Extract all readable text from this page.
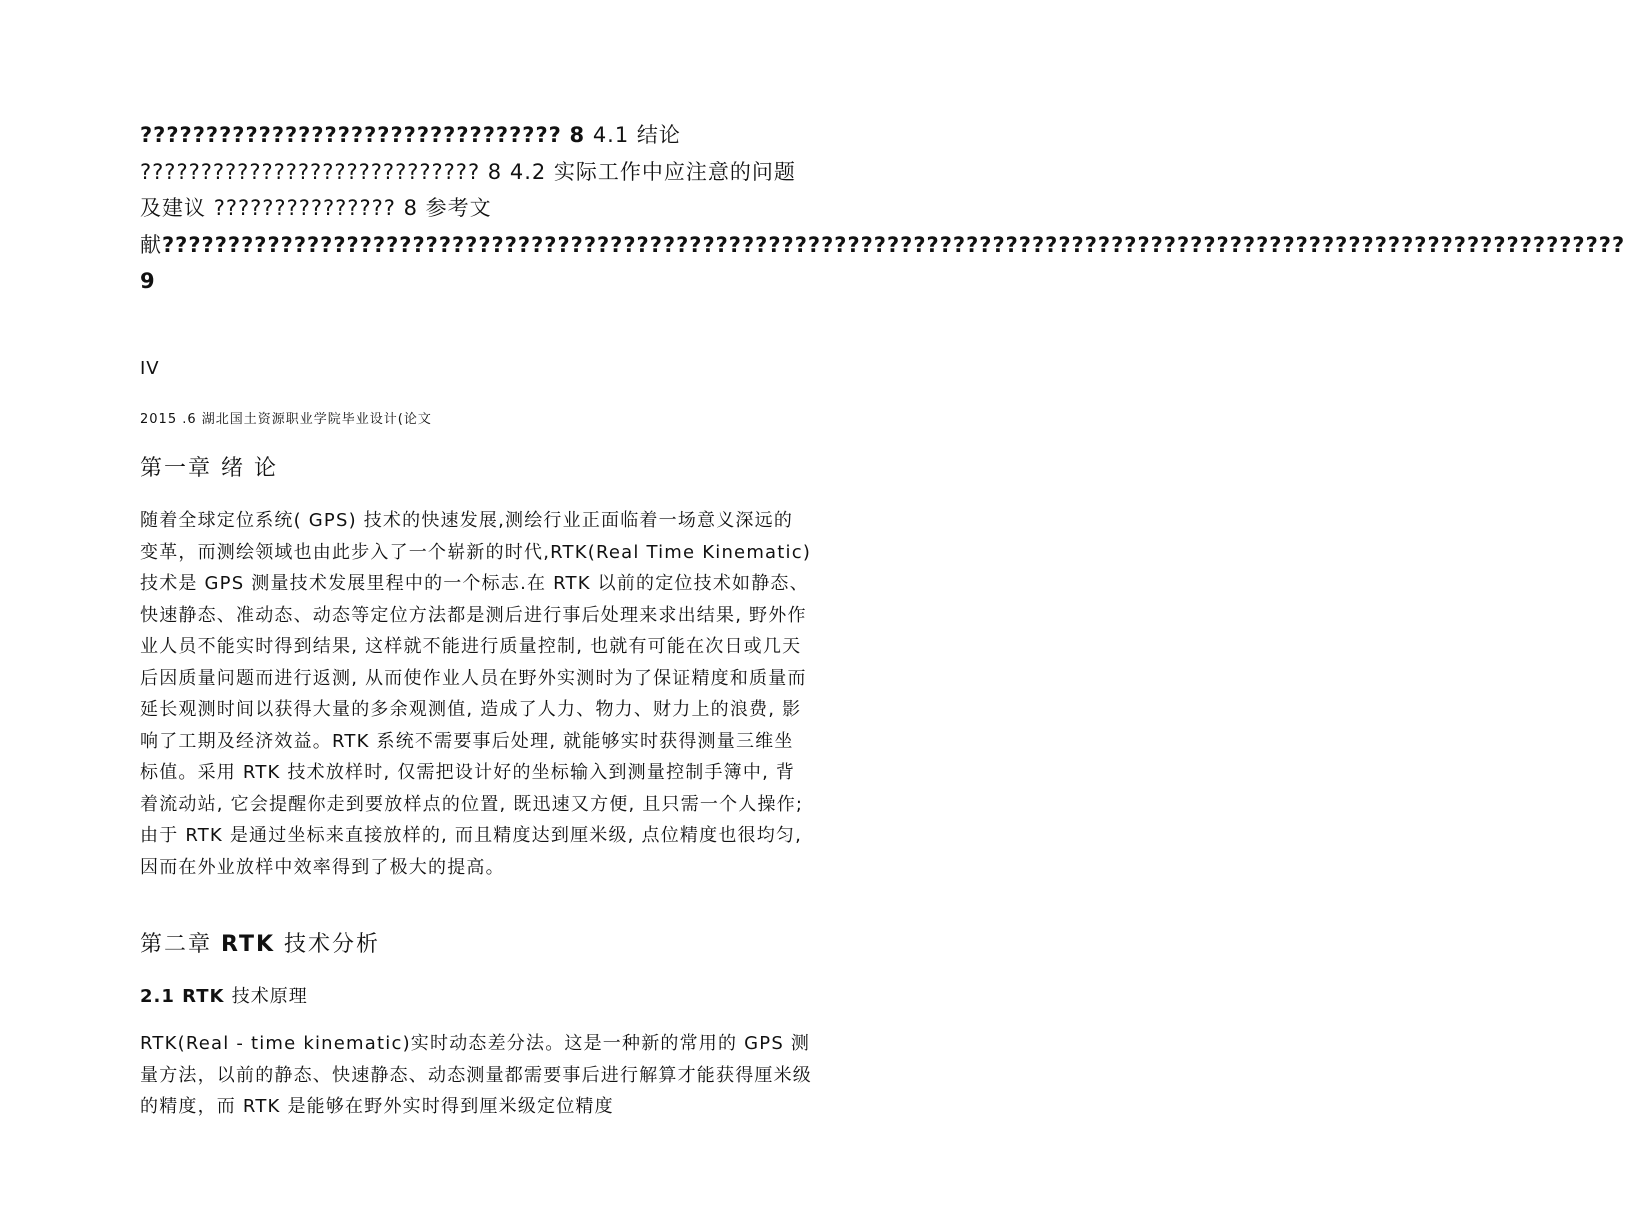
???????????????????????????????? 8 4.1 结论 ???????????????????????????? 8 4.2 实际工作中应注意的问题及建议 ??????????????? 8 参考文献??????????????????????????????????????????????????????????????????????????????????????????????????????????????? 9

IV

2015 .6 湖北国土资源职业学院毕业设计(论文

第一章 绪 论

随着全球定位系统( GPS) 技术的快速发展,测绘行业正面临着一场意义深远的变革，而测绘领域也由此步入了一个崭新的时代,RTK(Real Time Kinematic) 技术是 GPS 测量技术发展里程中的一个标志.在 RTK 以前的定位技术如静态、快速静态、准动态、动态等定位方法都是测后进行事后处理来求出结果, 野外作业人员不能实时得到结果, 这样就不能进行质量控制, 也就有可能在次日或几天后因质量问题而进行返测, 从而使作业人员在野外实测时为了保证精度和质量而延长观测时间以获得大量的多余观测值, 造成了人力、物力、财力上的浪费, 影响了工期及经济效益。RTK 系统不需要事后处理, 就能够实时获得测量三维坐标值。采用 RTK 技术放样时, 仅需把设计好的坐标输入到测量控制手簿中, 背着流动站, 它会提醒你走到要放样点的位置, 既迅速又方便, 且只需一个人操作; 由于 RTK 是通过坐标来直接放样的, 而且精度达到厘米级, 点位精度也很均匀, 因而在外业放样中效率得到了极大的提高。

第二章 RTK 技术分析
2.1 RTK 技术原理

RTK(Real - time kinematic)实时动态差分法。这是一种新的常用的 GPS 测量方法，以前的静态、快速静态、动态测量都需要事后进行解算才能获得厘米级的精度，而 RTK 是能够在野外实时得到厘米级定位精度
